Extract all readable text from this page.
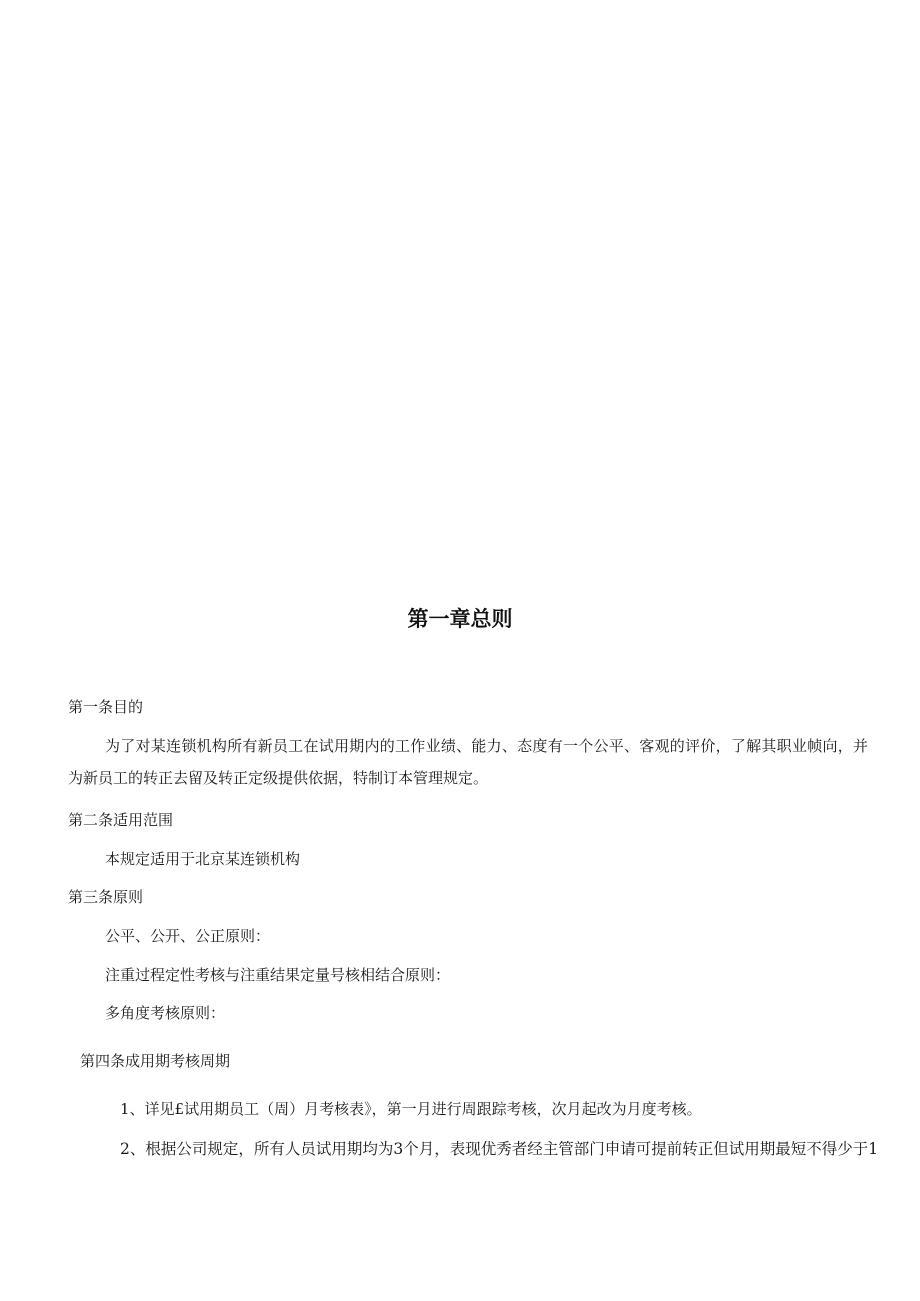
第一章总则
第一条目的
为了对某连锁机构所有新员工在试用期内的工作业绩、能力、态度有一个公平、客观的评价，了解其职业帧向，并为新员工的转正去留及转正定级提供依据，特制订本管理规定。
第二条适用范围
本规定适用于北京某连锁机构
第三条原则
公平、公开、公正原则：
注重过程定性考核与注重结果定量号核相结合原则：
多角度考核原则：
第四条成用期考核周期
1、详见£试用期员工（周）月考核表》，第一月进行周跟踪考核，次月起改为月度考核。
2、根据公司规定，所有人员试用期均为3个月，表现优秀者经主管部门申请可提前转正但试用期最短不得少于1
